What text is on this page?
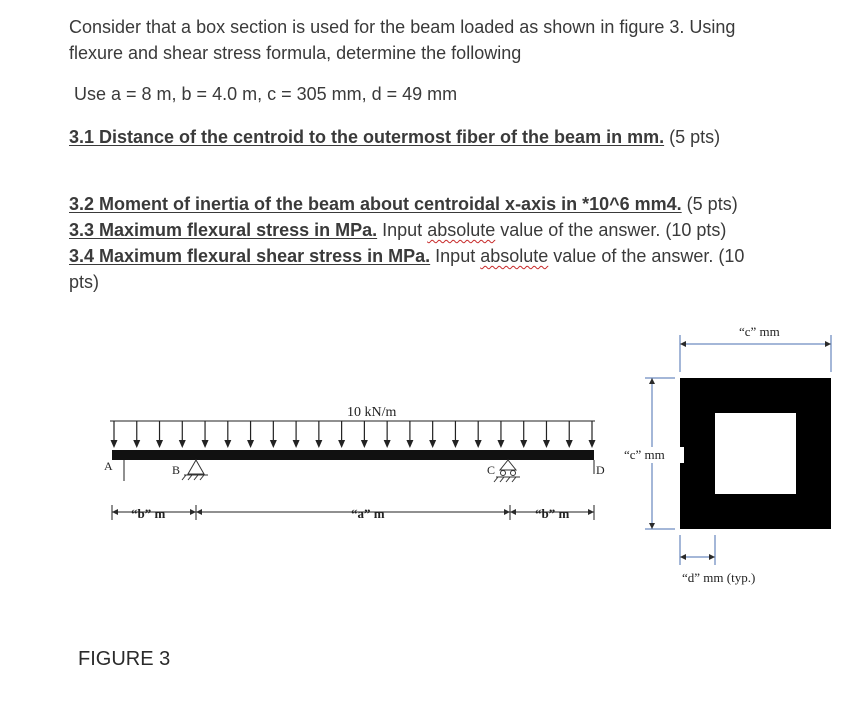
Consider that a box section is used for the beam loaded as shown in figure 3. Using
flexure and shear stress formula, determine the following
Use a = 8 m, b = 4.0 m, c = 305 mm, d = 49 mm
3.1 Distance of the centroid to the outermost fiber of the beam in mm. (5 pts)
3.2 Moment of inertia of the beam about centroidal x-axis in *10^6 mm4. (5 pts)
3.3 Maximum flexural stress in MPa. Input absolute value of the answer. (10 pts)
3.4 Maximum flexural shear stress in MPa. Input absolute value of the answer. (10
pts)
A	B	C	D
10 kN/m
“b” m	“a” m	“b” m
“c” mm
“c” mm
“d” mm (typ.)
FIGURE 3
